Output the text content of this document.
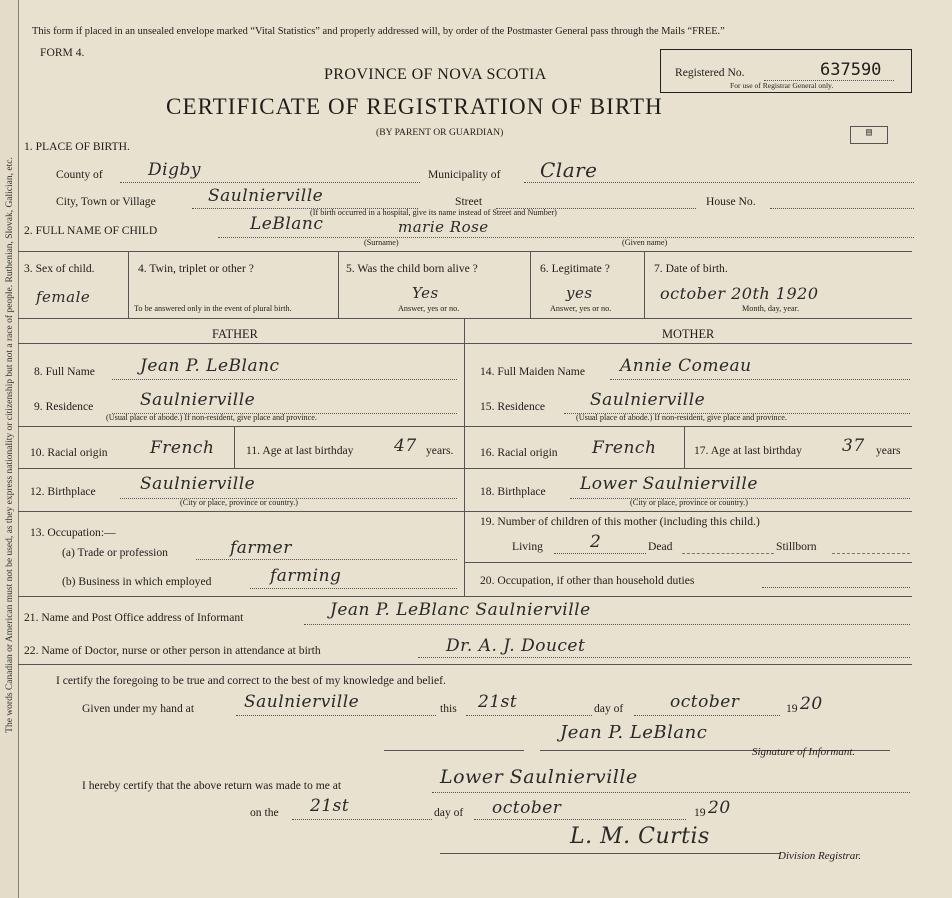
The words Canadian or American must not be used, as they express nationality or citizenship but not a race of people. Ruthenian, Slovak, Galician, etc.
This form if placed in an unsealed envelope marked “Vital Statistics” and properly addressed will, by order of the Postmaster General pass through the Mails “FREE.”
FORM 4.
PROVINCE OF NOVA SCOTIA
CERTIFICATE OF REGISTRATION OF BIRTH
(BY PARENT OR GUARDIAN)
Registered No.	637590
For use of Registrar General only.
▤
1. PLACE OF BIRTH.
County of	Digby	Municipality of Clare
City, Town or Village	Saulnierville	Street
(If birth occurred in a hospital, give its name instead of Street and Number)
House No.
2. FULL NAME OF CHILD	LeBlanc	marie Rose
(Surname)	(Given name)
3. Sex of child.
female
4. Twin, triplet or other ?
To be answered only in the event of plural birth.
5. Was the child born alive ?
Yes
Answer, yes or no.
6. Legitimate ?
yes
Answer, yes or no.
7. Date of birth.
october 20th 1920
Month, day, year.
FATHER	MOTHER
8. Full Name	Jean P. LeBlanc
9. Residence	Saulnierville
(Usual place of abode.) If non-resident, give place and province.
10. Racial origin French	11. Age at last birthday 47 years.
12. Birthplace	Saulnierville
(City or place, province or country.)
13. Occupation:—
(a) Trade or profession	farmer
(b) Business in which employed	farming
14. Full Maiden Name Annie Comeau
15. Residence	Saulnierville
(Usual place of abode.) If non-resident, give place and province.
16. Racial origin French	17. Age at last birthday 37 years
18. Birthplace Lower Saulnierville
(City or place, province or country.)
19. Number of children of this mother (including this child.)
Living	2	Dead	Stillborn
20. Occupation, if other than household duties
21. Name and Post Office address of Informant	Jean P. LeBlanc Saulnierville
22. Name of Doctor, nurse or other person in attendance at birth	Dr. A. J. Doucet
I certify the foregoing to be true and correct to the best of my knowledge and belief.
Given under my hand at	Saulnierville	this 21st	day of	october	19 20
Jean P. LeBlanc
Signature of Informant.
I hereby certify that the above return was made to me at	Lower Saulnierville
on the 21st	day of october	19 20
L. M. Curtis
Division Registrar.
